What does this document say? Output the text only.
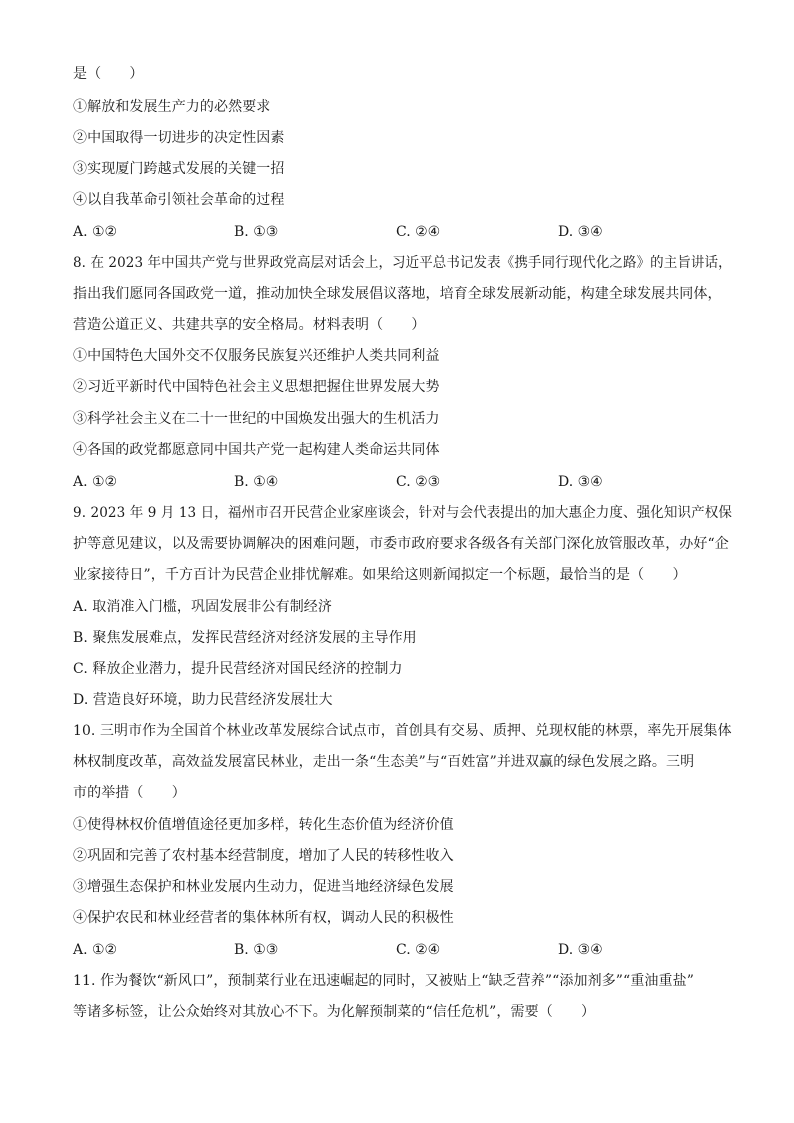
是（　　）
①解放和发展生产力的必然要求
②中国取得一切进步的决定性因素
③实现厦门跨越式发展的关键一招
④以自我革命引领社会革命的过程
A. ①②	B. ①③	C. ②④	D. ③④
8. 在 2023 年中国共产党与世界政党高层对话会上，习近平总书记发表《携手同行现代化之路》的主旨讲话，
指出我们愿同各国政党一道，推动加快全球发展倡议落地，培育全球发展新动能，构建全球发展共同体，
营造公道正义、共建共享的安全格局。材料表明（　　）
①中国特色大国外交不仅服务民族复兴还维护人类共同利益
②习近平新时代中国特色社会主义思想把握住世界发展大势
③科学社会主义在二十一世纪的中国焕发出强大的生机活力
④各国的政党都愿意同中国共产党一起构建人类命运共同体
A. ①②	B. ①④	C. ②③	D. ③④
9. 2023 年 9 月 13 日，福州市召开民营企业家座谈会，针对与会代表提出的加大惠企力度、强化知识产权保
护等意见建议，以及需要协调解决的困难问题，市委市政府要求各级各有关部门深化放管服改革，办好“企
业家接待日”，千方百计为民营企业排忧解难。如果给这则新闻拟定一个标题，最恰当的是（　　）
A. 取消准入门槛，巩固发展非公有制经济
B. 聚焦发展难点，发挥民营经济对经济发展的主导作用
C. 释放企业潜力，提升民营经济对国民经济的控制力
D. 营造良好环境，助力民营经济发展壮大
10. 三明市作为全国首个林业改革发展综合试点市，首创具有交易、质押、兑现权能的林票，率先开展集体
林权制度改革，高效益发展富民林业，走出一条“生态美”与“百姓富”并进双赢的绿色发展之路。三明
市的举措（　　）
①使得林权价值增值途径更加多样，转化生态价值为经济价值
②巩固和完善了农村基本经营制度，增加了人民的转移性收入
③增强生态保护和林业发展内生动力，促进当地经济绿色发展
④保护农民和林业经营者的集体林所有权，调动人民的积极性
A. ①②	B. ①③	C. ②④	D. ③④
11. 作为餐饮“新风口”，预制菜行业在迅速崛起的同时，又被贴上“缺乏营养”“添加剂多”“重油重盐”
等诸多标签，让公众始终对其放心不下。为化解预制菜的“信任危机”，需要（　　）
